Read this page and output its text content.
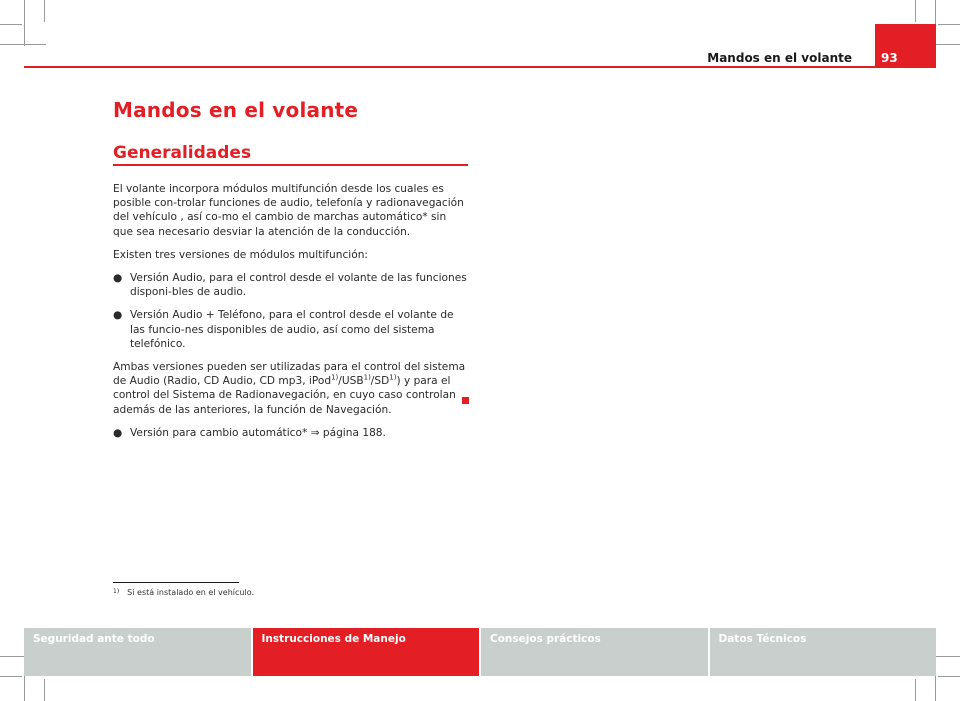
Mandos en el volante	93
Mandos en el volante
Generalidades

El volante incorpora módulos multifunción desde los cuales es posible con-trolar funciones de audio, telefonía y radionavegación del vehículo , así co-mo el cambio de marchas automático* sin que sea necesario desviar la atención de la conducción.

Existen tres versiones de módulos multifunción:

● Versión Audio, para el control desde el volante de las funciones disponi-bles de audio.
● Versión Audio + Teléfono, para el control desde el volante de las funcio-nes disponibles de audio, así como del sistema telefónico.

Ambas versiones pueden ser utilizadas para el control del sistema de Audio (Radio, CD Audio, CD mp3, iPod$^{1)}$/USB$^{1)}$/SD$^{1)}$) y para el control del Sistema de Radionavegación, en cuyo caso controlan además de las anteriores, la función de Navegación.

● Versión para cambio automático* ⇒ página 188.
$^{1)}$ Si está instalado en el vehículo.
Seguridad ante todo	Instrucciones de Manejo	Consejos prácticos	Datos Técnicos
